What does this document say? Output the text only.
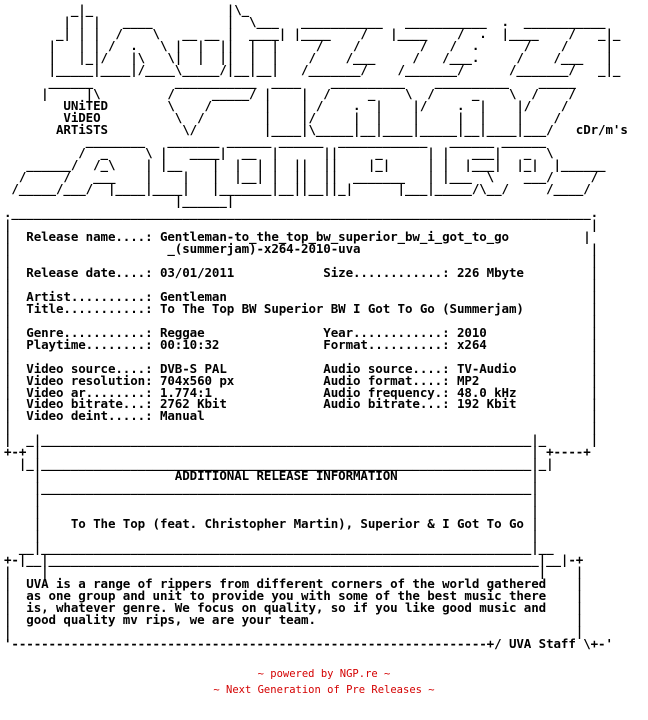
_|_                  |\_
| | |   ____          |  \___   ___________   ___________  .  ___________
_| | |  /    \   __ __ |  ____| |____    /   |____    /  .  |____    /   _|_
|   | | /  .   \ |  |  ||  |  |     /    /        /   /  .      /    /     |
|   |_|/   |\   \|  |  ||  |  |    /    /___     /   /___.     /    /___   |
|_____|____|/____\_____/|__|__|   /_______/    /_______/      /_______/   _|_
______           ___________  ____    __________    __________    _____
|     |\         /     _____/ |    |  /     _    \  /     _    \  /    /
UNiTED        \    /       |    | /    .  |    |/    .  |    |/    /
ViDEO          \  /        |    |/     |  |    |     |  |    |    /
ARTiSTS          \/         |____|\_____|__|____|_____|__|____|___/   cDr/m's
________   _______ ______ ______  ____________   ______ ______
/  _     \ |   ____|  __  |      ||     _      | |   ___|   _  \
______/  /_\    | |__    |  |  | |  ||  ||    |_|     | |  |___|  |_|  |______
/     /   ___    |    |   |  |__| |  ||  ||  _______   | |___  \    ___/     /
/_____/___/  |____|____|   |_______|__||__||_|      |___|_____/\__/     /____/
|______|
.______________________________________________________________________________.
|                                                                              |
|  Release name....: Gentleman-to_the_top_bw_superior_bw_i_got_to_go          |
|                     _(summerjam)-x264-2010-uva                               |
|                                                                              |
|  Release date....: 03/01/2011            Size............: 226 Mbyte         |
|                                                                              |
|  Artist..........: Gentleman                                                 |
|  Title...........: To The Top BW Superior BW I Got To Go (Summerjam)         |
|                                                                              |
|  Genre...........: Reggae                Year............: 2010              |
|  Playtime........: 00:10:32              Format..........: x264              |
|                                                                              |
|  Video source....: DVB-S PAL             Audio source....: TV-Audio          |
|  Video resolution: 704x560 px            Audio format....: MP2               |
|  Video ar........: 1.774:1               Audio frequency.: 48.0 kHz          |
|  Video bitrate...: 2762 Kbit             Audio bitrate...: 192 Kbit          |
|  Video deint.....: Manual                                                    |
|                                                                              |
|  _|__________________________________________________________________|_      |
+-+ |                                                                  | +----+
|_|__________________________________________________________________|_|
|                  ADDITIONAL RELEASE INFORMATION                  |
|__________________________________________________________________|
|                                                                  |
|                                                                  |
|    To The Top (feat. Christopher Martin), Superior & I Got To Go |
|                                                                  |
__|__________________________________________________________________|__
+-|__|__________________________________________________________________|__|-+
|    |                                                                  |    |
|  UVA is a range of rippers from different corners of the world gathered    |
|  as one group and unit to provide you with some of the best music there    |
|  is, whatever genre. We focus on quality, so if you like good music and    |
|  good quality mv rips, we are your team.                                   |
|                                                                            |
'----------------------------------------------------------------+/ UVA Staff \+-'
~ powered by NGP.re ~
~ Next Generation of Pre Releases ~
